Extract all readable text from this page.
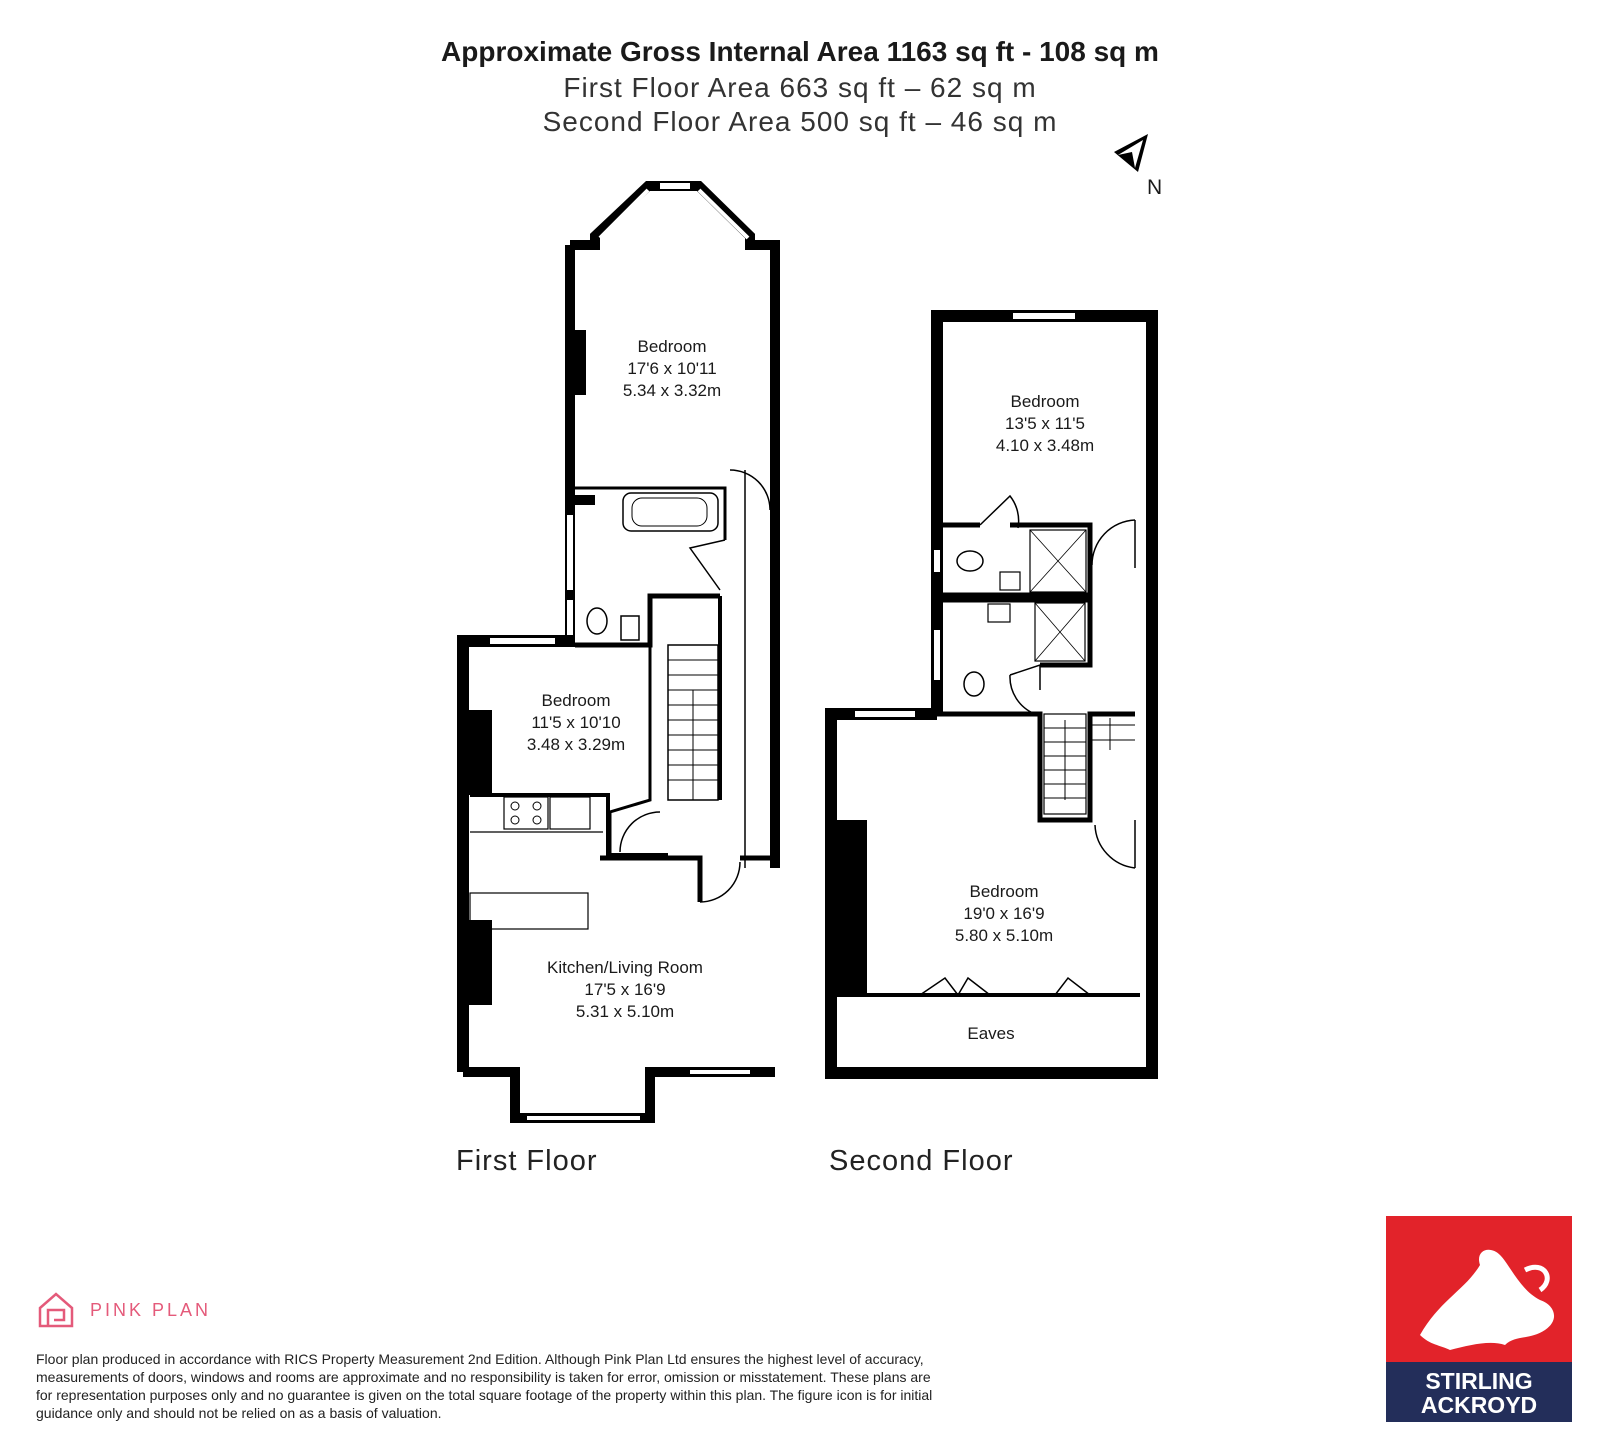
Approximate Gross Internal Area 1163 sq ft - 108 sq m
First Floor Area 663 sq ft – 62 sq m
Second Floor Area 500 sq ft – 46 sq m
N
Bedroom
17'6 x 10'11
5.34 x 3.32m
Bedroom
11'5 x 10'10
3.48 x 3.29m
Kitchen/Living Room
17'5 x 16'9
5.31 x 5.10m
Bedroom
13'5 x 11'5
4.10 x 3.48m
Bedroom
19'0 x 16'9
5.80 x 5.10m
Eaves
First Floor	Second Floor
PINK PLAN
Floor plan produced in accordance with RICS Property Measurement 2nd Edition. Although Pink Plan Ltd ensures the highest level of accuracy, measurements of doors, windows and rooms are approximate and no responsibility is taken for error, omission or misstatement. These plans are for representation purposes only and no guarantee is given on the total square footage of the property within this plan. The figure icon is for initial guidance only and should not be relied on as a basis of valuation.
STIRLING
ACKROYD
